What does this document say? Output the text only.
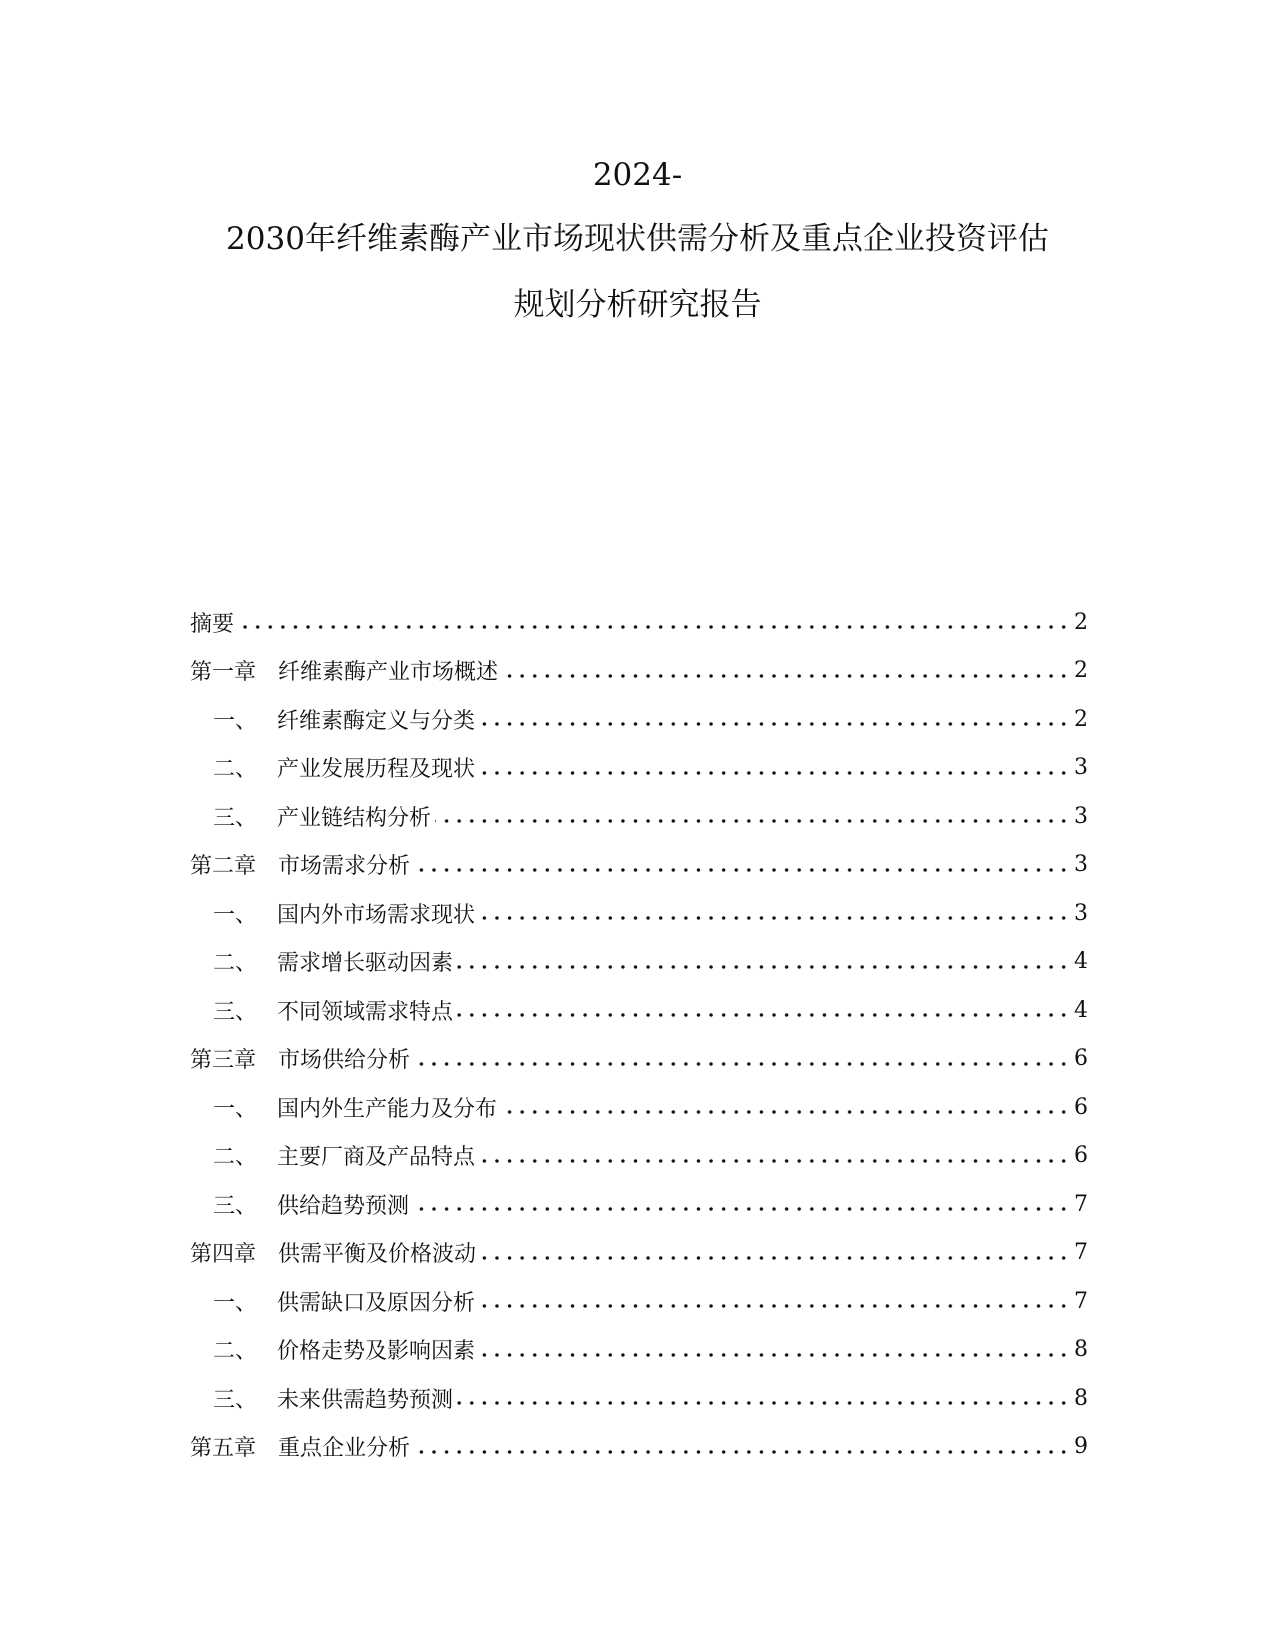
2024-
2030年纤维素酶产业市场现状供需分析及重点企业投资评估
规划分析研究报告
摘要	2
第一章 纤维素酶产业市场概述	2
一、 纤维素酶定义与分类	2
二、 产业发展历程及现状	3
三、 产业链结构分析	3
第二章 市场需求分析	3
一、 国内外市场需求现状	3
二、 需求增长驱动因素	4
三、 不同领域需求特点	4
第三章 市场供给分析	6
一、 国内外生产能力及分布	6
二、 主要厂商及产品特点	6
三、 供给趋势预测	7
第四章 供需平衡及价格波动	7
一、 供需缺口及原因分析	7
二、 价格走势及影响因素	8
三、 未来供需趋势预测	8
第五章 重点企业分析	9
